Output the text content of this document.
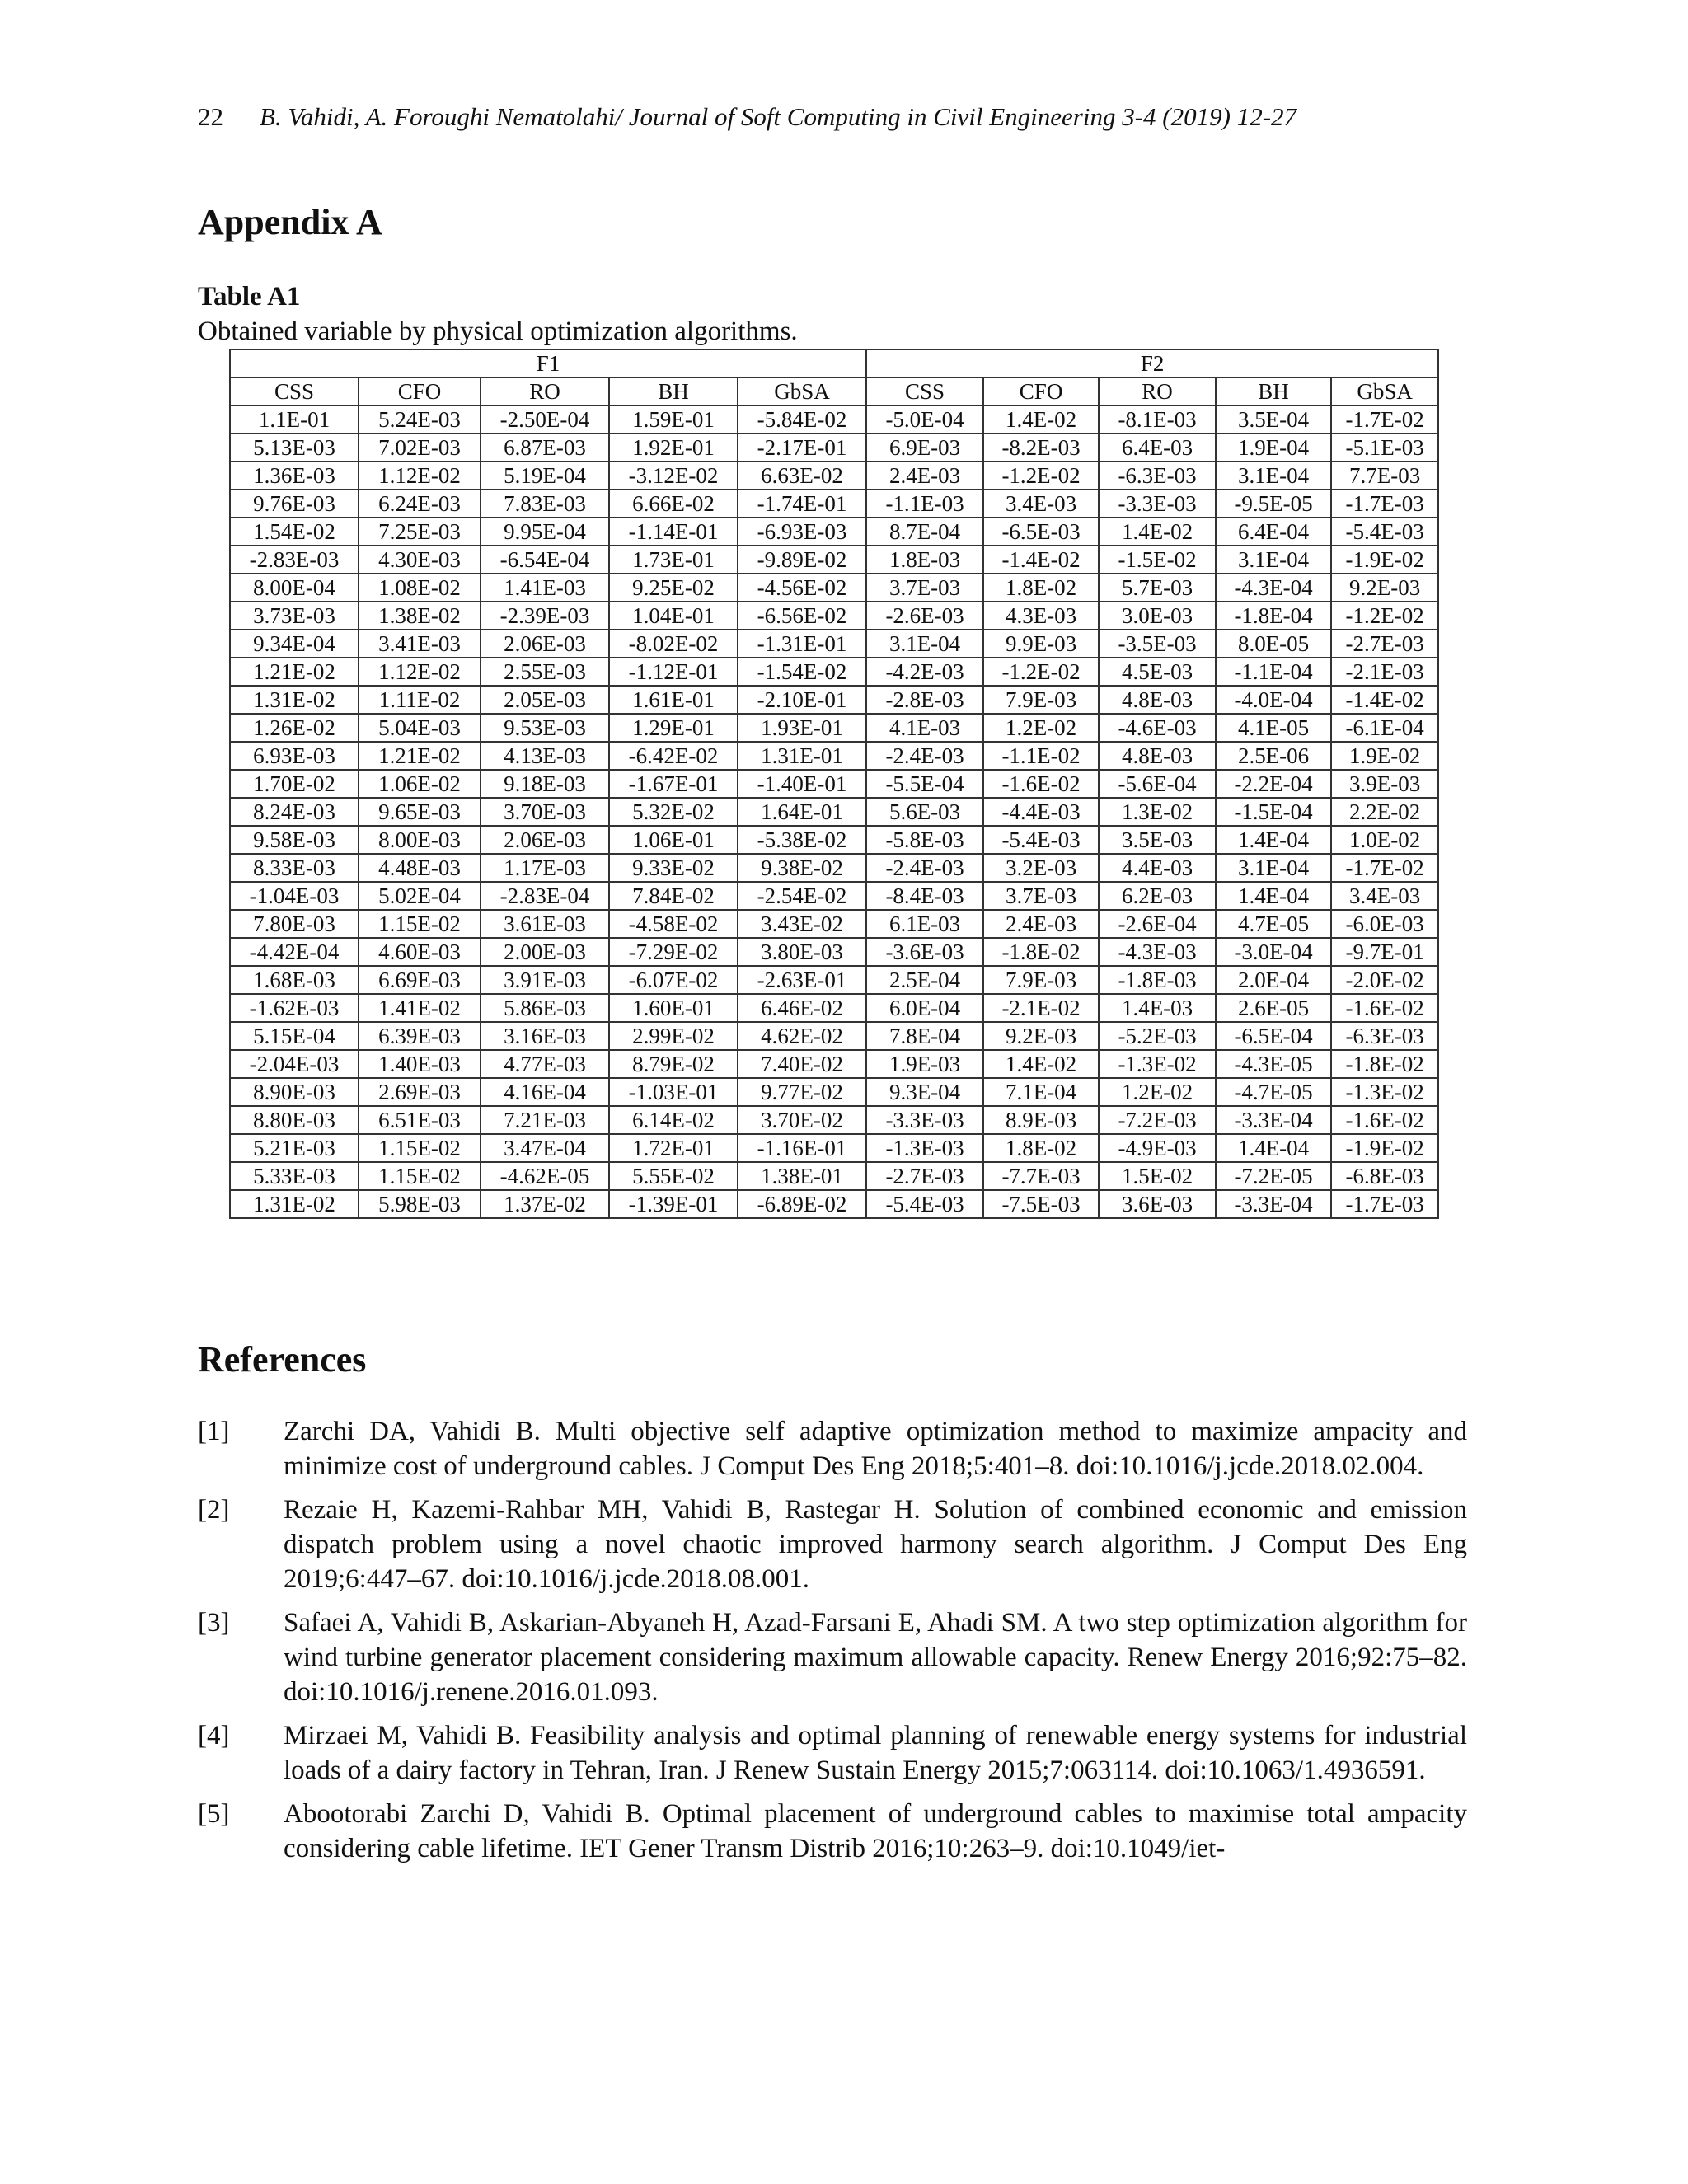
22 B. Vahidi, A. Foroughi Nematolahi/ Journal of Soft Computing in Civil Engineering 3-4 (2019) 12-27
Appendix A
Table A1
Obtained variable by physical optimization algorithms.
F1					F2				
CSS	CFO	RO	BH	GbSA	CSS	CFO	RO	BH	GbSA
1.1E-01	5.24E-03	-2.50E-04	1.59E-01	-5.84E-02	-5.0E-04	1.4E-02	-8.1E-03	3.5E-04	-1.7E-02
5.13E-03	7.02E-03	6.87E-03	1.92E-01	-2.17E-01	6.9E-03	-8.2E-03	6.4E-03	1.9E-04	-5.1E-03
1.36E-03	1.12E-02	5.19E-04	-3.12E-02	6.63E-02	2.4E-03	-1.2E-02	-6.3E-03	3.1E-04	7.7E-03
9.76E-03	6.24E-03	7.83E-03	6.66E-02	-1.74E-01	-1.1E-03	3.4E-03	-3.3E-03	-9.5E-05	-1.7E-03
1.54E-02	7.25E-03	9.95E-04	-1.14E-01	-6.93E-03	8.7E-04	-6.5E-03	1.4E-02	6.4E-04	-5.4E-03
-2.83E-03	4.30E-03	-6.54E-04	1.73E-01	-9.89E-02	1.8E-03	-1.4E-02	-1.5E-02	3.1E-04	-1.9E-02
8.00E-04	1.08E-02	1.41E-03	9.25E-02	-4.56E-02	3.7E-03	1.8E-02	5.7E-03	-4.3E-04	9.2E-03
3.73E-03	1.38E-02	-2.39E-03	1.04E-01	-6.56E-02	-2.6E-03	4.3E-03	3.0E-03	-1.8E-04	-1.2E-02
9.34E-04	3.41E-03	2.06E-03	-8.02E-02	-1.31E-01	3.1E-04	9.9E-03	-3.5E-03	8.0E-05	-2.7E-03
1.21E-02	1.12E-02	2.55E-03	-1.12E-01	-1.54E-02	-4.2E-03	-1.2E-02	4.5E-03	-1.1E-04	-2.1E-03
1.31E-02	1.11E-02	2.05E-03	1.61E-01	-2.10E-01	-2.8E-03	7.9E-03	4.8E-03	-4.0E-04	-1.4E-02
1.26E-02	5.04E-03	9.53E-03	1.29E-01	1.93E-01	4.1E-03	1.2E-02	-4.6E-03	4.1E-05	-6.1E-04
6.93E-03	1.21E-02	4.13E-03	-6.42E-02	1.31E-01	-2.4E-03	-1.1E-02	4.8E-03	2.5E-06	1.9E-02
1.70E-02	1.06E-02	9.18E-03	-1.67E-01	-1.40E-01	-5.5E-04	-1.6E-02	-5.6E-04	-2.2E-04	3.9E-03
8.24E-03	9.65E-03	3.70E-03	5.32E-02	1.64E-01	5.6E-03	-4.4E-03	1.3E-02	-1.5E-04	2.2E-02
9.58E-03	8.00E-03	2.06E-03	1.06E-01	-5.38E-02	-5.8E-03	-5.4E-03	3.5E-03	1.4E-04	1.0E-02
8.33E-03	4.48E-03	1.17E-03	9.33E-02	9.38E-02	-2.4E-03	3.2E-03	4.4E-03	3.1E-04	-1.7E-02
-1.04E-03	5.02E-04	-2.83E-04	7.84E-02	-2.54E-02	-8.4E-03	3.7E-03	6.2E-03	1.4E-04	3.4E-03
7.80E-03	1.15E-02	3.61E-03	-4.58E-02	3.43E-02	6.1E-03	2.4E-03	-2.6E-04	4.7E-05	-6.0E-03
-4.42E-04	4.60E-03	2.00E-03	-7.29E-02	3.80E-03	-3.6E-03	-1.8E-02	-4.3E-03	-3.0E-04	-9.7E-01
1.68E-03	6.69E-03	3.91E-03	-6.07E-02	-2.63E-01	2.5E-04	7.9E-03	-1.8E-03	2.0E-04	-2.0E-02
-1.62E-03	1.41E-02	5.86E-03	1.60E-01	6.46E-02	6.0E-04	-2.1E-02	1.4E-03	2.6E-05	-1.6E-02
5.15E-04	6.39E-03	3.16E-03	2.99E-02	4.62E-02	7.8E-04	9.2E-03	-5.2E-03	-6.5E-04	-6.3E-03
-2.04E-03	1.40E-03	4.77E-03	8.79E-02	7.40E-02	1.9E-03	1.4E-02	-1.3E-02	-4.3E-05	-1.8E-02
8.90E-03	2.69E-03	4.16E-04	-1.03E-01	9.77E-02	9.3E-04	7.1E-04	1.2E-02	-4.7E-05	-1.3E-02
8.80E-03	6.51E-03	7.21E-03	6.14E-02	3.70E-02	-3.3E-03	8.9E-03	-7.2E-03	-3.3E-04	-1.6E-02
5.21E-03	1.15E-02	3.47E-04	1.72E-01	-1.16E-01	-1.3E-03	1.8E-02	-4.9E-03	1.4E-04	-1.9E-02
5.33E-03	1.15E-02	-4.62E-05	5.55E-02	1.38E-01	-2.7E-03	-7.7E-03	1.5E-02	-7.2E-05	-6.8E-03
1.31E-02	5.98E-03	1.37E-02	-1.39E-01	-6.89E-02	-5.4E-03	-7.5E-03	3.6E-03	-3.3E-04	-1.7E-03
References
[1]	Zarchi DA, Vahidi B. Multi objective self adaptive optimization method to maximize ampacity and minimize cost of underground cables. J Comput Des Eng 2018;5:401–8. doi:10.1016/j.jcde.2018.02.004.
[2]	Rezaie H, Kazemi-Rahbar MH, Vahidi B, Rastegar H. Solution of combined economic and emission dispatch problem using a novel chaotic improved harmony search algorithm. J Comput Des Eng 2019;6:447–67. doi:10.1016/j.jcde.2018.08.001.
[3]	Safaei A, Vahidi B, Askarian-Abyaneh H, Azad-Farsani E, Ahadi SM. A two step optimization algorithm for wind turbine generator placement considering maximum allowable capacity. Renew Energy 2016;92:75–82. doi:10.1016/j.renene.2016.01.093.
[4]	Mirzaei M, Vahidi B. Feasibility analysis and optimal planning of renewable energy systems for industrial loads of a dairy factory in Tehran, Iran. J Renew Sustain Energy 2015;7:063114. doi:10.1063/1.4936591.
[5]	Abootorabi Zarchi D, Vahidi B. Optimal placement of underground cables to maximise total ampacity considering cable lifetime. IET Gener Transm Distrib 2016;10:263–9. doi:10.1049/iet-
